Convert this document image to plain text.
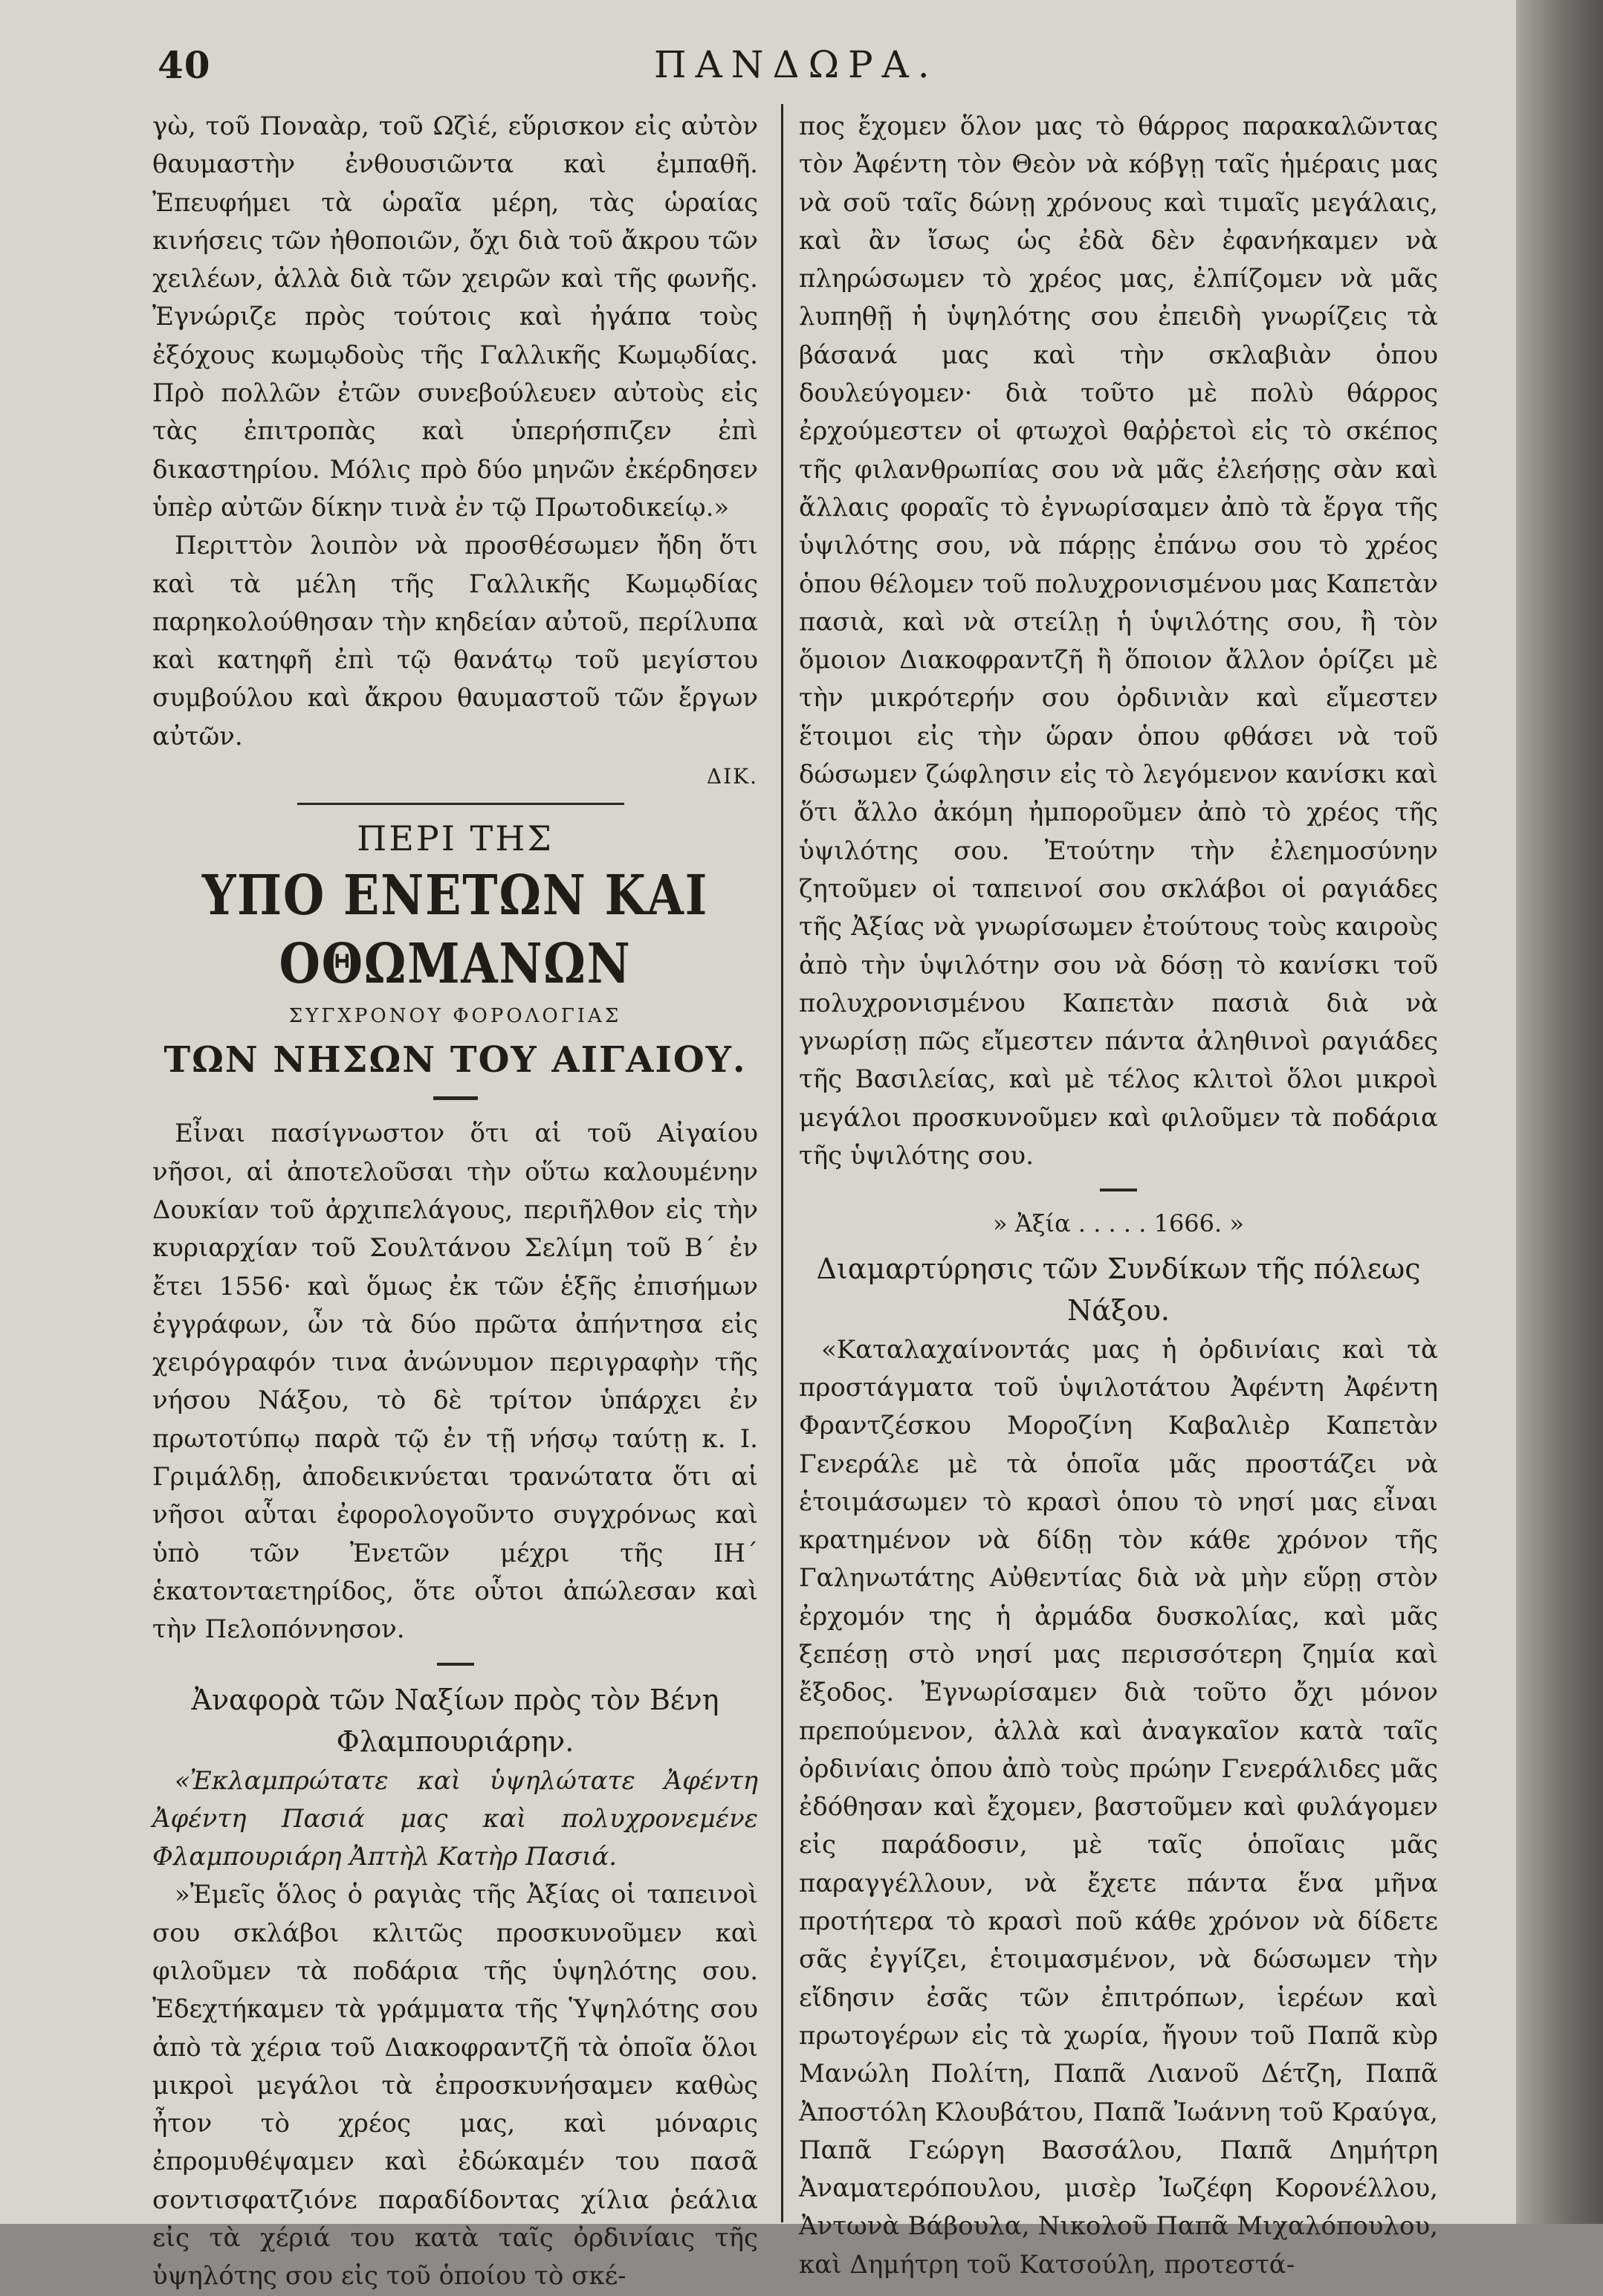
40	ΠΑΝΔΩΡΑ.

γὼ, τοῦ Ποναὰρ, τοῦ Ωζὶέ, εὕρισκον εἰς αὐτὸν θαυμαστὴν ἐνθουσιῶντα καὶ ἐμπαθῆ. Ἐπευφήμει τὰ ὡραῖα μέρη, τὰς ὡραίας κινήσεις τῶν ἠθοποιῶν, ὄχι διὰ τοῦ ἄκρου τῶν χειλέων, ἀλλὰ διὰ τῶν χειρῶν καὶ τῆς φωνῆς. Ἐγνώριζε πρὸς τούτοις καὶ ἠγάπα τοὺς ἐξόχους κωμῳδοὺς τῆς Γαλλικῆς Κωμῳδίας. Πρὸ πολλῶν ἐτῶν συνεβούλευεν αὐτοὺς εἰς τὰς ἐπιτροπὰς καὶ ὑπερήσπιζεν ἐπὶ δικαστηρίου. Μόλις πρὸ δύο μηνῶν ἐκέρδησεν ὑπὲρ αὐτῶν δίκην τινὰ ἐν τῷ Πρωτοδικείῳ.»

Περιττὸν λοιπὸν νὰ προσθέσωμεν ἤδη ὅτι καὶ τὰ μέλη τῆς Γαλλικῆς Κωμῳδίας παρηκολούθησαν τὴν κηδείαν αὐτοῦ, περίλυπα καὶ κατηφῆ ἐπὶ τῷ θανάτῳ τοῦ μεγίστου συμβούλου καὶ ἄκρου θαυμαστοῦ τῶν ἔργων αὐτῶν.

ΔΙΚ.

ΠΕΡΙ ΤΗΣ

ΥΠΟ ΕΝΕΤΩΝ ΚΑΙ ΟΘΩΜΑΝΩΝ

ΣΥΓΧΡΟΝΟΥ ΦΟΡΟΛΟΓΙΑΣ

ΤΩΝ ΝΗΣΩΝ ΤΟΥ ΑΙΓΑΙΟΥ.

Εἶναι πασίγνωστον ὅτι αἱ τοῦ Αἰγαίου νῆσοι, αἱ ἀποτελοῦσαι τὴν οὕτω καλουμένην Δουκίαν τοῦ ἀρχιπελάγους, περιῆλθον εἰς τὴν κυριαρχίαν τοῦ Σουλτάνου Σελίμη τοῦ Β΄ ἐν ἔτει 1556· καὶ ὅμως ἐκ τῶν ἑξῆς ἐπισήμων ἐγγράφων, ὧν τὰ δύο πρῶτα ἀπήντησα εἰς χειρόγραφόν τινα ἀνώνυμον περιγραφὴν τῆς νήσου Νάξου, τὸ δὲ τρίτον ὑπάρχει ἐν πρωτοτύπῳ παρὰ τῷ ἐν τῇ νήσῳ ταύτῃ κ. Ι. Γριμάλδῃ, ἀποδεικνύεται τρανώτατα ὅτι αἱ νῆσοι αὗται ἐφορολογοῦντο συγχρόνως καὶ ὑπὸ τῶν Ἐνετῶν μέχρι τῆς ΙΗ΄ ἑκατονταετηρίδος, ὅτε οὗτοι ἀπώλεσαν καὶ τὴν Πελοπόννησον.

Ἀναφορὰ τῶν Ναξίων πρὸς τὸν Βένη Φλαμπουριάρην.

«Ἐκλαμπρώτατε καὶ ὑψηλώτατε Ἀφέντη Ἀφέντη Πασιά μας καὶ πολυχρονεμένε Φλαμπουριάρη Ἀπτὴλ Κατὴρ Πασιά.

»Ἐμεῖς ὅλος ὁ ραγιὰς τῆς Ἀξίας οἱ ταπεινοὶ σου σκλάβοι κλιτῶς προσκυνοῦμεν καὶ φιλοῦμεν τὰ ποδάρια τῆς ὑψηλότης σου. Ἐδεχτήκαμεν τὰ γράμματα τῆς Ὑψηλότης σου ἀπὸ τὰ χέρια τοῦ Διακοφραντζῆ τὰ ὁποῖα ὅλοι μικροὶ μεγάλοι τὰ ἐπροσκυνήσαμεν καθὼς ἦτον τὸ χρέος μας, καὶ μόναρις ἐπρομυθέψαμεν καὶ ἐδώκαμέν του πασᾶ σοντισφατζιόνε παραδίδοντας χίλια ῥεάλια εἰς τὰ χέριά του κατὰ ταῖς ὀρδινίαις τῆς ὑψηλότης σου εἰς τοῦ ὁποίου τὸ σκέ-

πος ἔχομεν ὅλον μας τὸ θάρρος παρακαλῶντας τὸν Ἀφέντη τὸν Θεὸν νὰ κόβγῃ ταῖς ἡμέραις μας νὰ σοῦ ταῖς δώνῃ χρόνους καὶ τιμαῖς μεγάλαις, καὶ ἂν ἴσως ὡς ἐδὰ δὲν ἐφανήκαμεν νὰ πληρώσωμεν τὸ χρέος μας, ἐλπίζομεν νὰ μᾶς λυπηθῇ ἡ ὑψηλότης σου ἐπειδὴ γνωρίζεις τὰ βάσανά μας καὶ τὴν σκλαβιὰν ὁπου δουλεύγομεν· διὰ τοῦτο μὲ πολὺ θάρρος ἐρχούμεστεν οἱ φτωχοὶ θαῤῥετοὶ εἰς τὸ σκέπος τῆς φιλανθρωπίας σου νὰ μᾶς ἐλεήσῃς σὰν καὶ ἄλλαις φοραῖς τὸ ἐγνωρίσαμεν ἀπὸ τὰ ἔργα τῆς ὑψιλότης σου, νὰ πάρῃς ἐπάνω σου τὸ χρέος ὁπου θέλομεν τοῦ πολυχρονισμένου μας Καπετὰν πασιὰ, καὶ νὰ στείλῃ ἡ ὑψιλότης σου, ἢ τὸν ὅμοιον Διακοφραντζῆ ἢ ὅποιον ἄλλον ὁρίζει μὲ τὴν μικρότερήν σου ὀρδινιὰν καὶ εἴμεστεν ἕτοιμοι εἰς τὴν ὥραν ὁπου φθάσει νὰ τοῦ δώσωμεν ζώφλησιν εἰς τὸ λεγόμενον κανίσκι καὶ ὅτι ἄλλο ἀκόμη ἠμποροῦμεν ἀπὸ τὸ χρέος τῆς ὑψιλότης σου. Ἐτούτην τὴν ἐλεημοσύνην ζητοῦμεν οἱ ταπεινοί σου σκλάβοι οἱ ραγιάδες τῆς Ἀξίας νὰ γνωρίσωμεν ἐτούτους τοὺς καιροὺς ἀπὸ τὴν ὑψιλότην σου νὰ δόσῃ τὸ κανίσκι τοῦ πολυχρονισμένου Καπετὰν πασιὰ διὰ νὰ γνωρίσῃ πῶς εἴμεστεν πάντα ἀληθινοὶ ραγιάδες τῆς Βασιλείας, καὶ μὲ τέλος κλιτοὶ ὅλοι μικροὶ μεγάλοι προσκυνοῦμεν καὶ φιλοῦμεν τὰ ποδάρια τῆς ὑψιλότης σου.

» Ἀξία . . . . . 1666. »

Διαμαρτύρησις τῶν Συνδίκων τῆς πόλεως Νάξου.

«Καταλαχαίνοντάς μας ἡ ὀρδινίαις καὶ τὰ προστάγματα τοῦ ὑψιλοτάτου Ἀφέντη Ἀφέντη Φραντζέσκου Μοροζίνη Καβαλιὲρ Καπετὰν Γενεράλε μὲ τὰ ὁποῖα μᾶς προστάζει νὰ ἑτοιμάσωμεν τὸ κρασὶ ὁπου τὸ νησί μας εἶναι κρατημένον νὰ δίδῃ τὸν κάθε χρόνον τῆς Γαληνωτάτης Αὐθεντίας διὰ νὰ μὴν εὕρῃ στὸν ἐρχομόν της ἡ ἀρμάδα δυσκολίας, καὶ μᾶς ξεπέσῃ στὸ νησί μας περισσότερη ζημία καὶ ἔξοδος. Ἐγνωρίσαμεν διὰ τοῦτο ὄχι μόνον πρεπούμενον, ἀλλὰ καὶ ἀναγκαῖον κατὰ ταῖς ὀρδινίαις ὁπου ἀπὸ τοὺς πρώην Γενεράλιδες μᾶς ἐδόθησαν καὶ ἔχομεν, βαστοῦμεν καὶ φυλάγομεν εἰς παράδοσιν, μὲ ταῖς ὁποῖαις μᾶς παραγγέλλουν, νὰ ἔχετε πάντα ἕνα μῆνα προτήτερα τὸ κρασὶ ποῦ κάθε χρόνον νὰ δίδετε σᾶς ἐγγίζει, ἑτοιμασμένον, νὰ δώσωμεν τὴν εἴδησιν ἐσᾶς τῶν ἐπιτρόπων, ἱερέων καὶ πρωτογέρων εἰς τὰ χωρία, ἤγουν τοῦ Παπᾶ κὺρ Μανώλη Πολίτη, Παπᾶ Λιανοῦ Δέτζη, Παπᾶ Ἀποστόλη Κλουβάτου, Παπᾶ Ἰωάννη τοῦ Κραύγα, Παπᾶ Γεώργη Βασσάλου, Παπᾶ Δημήτρη Ἀναματερόπουλου, μισὲρ Ἰωζέφη Κορονέλλου, Ἀντωνὰ Βάβουλα, Νικολοῦ Παπᾶ Μιχαλόπουλου, καὶ Δημήτρη τοῦ Κατσούλη, προτεστά-
